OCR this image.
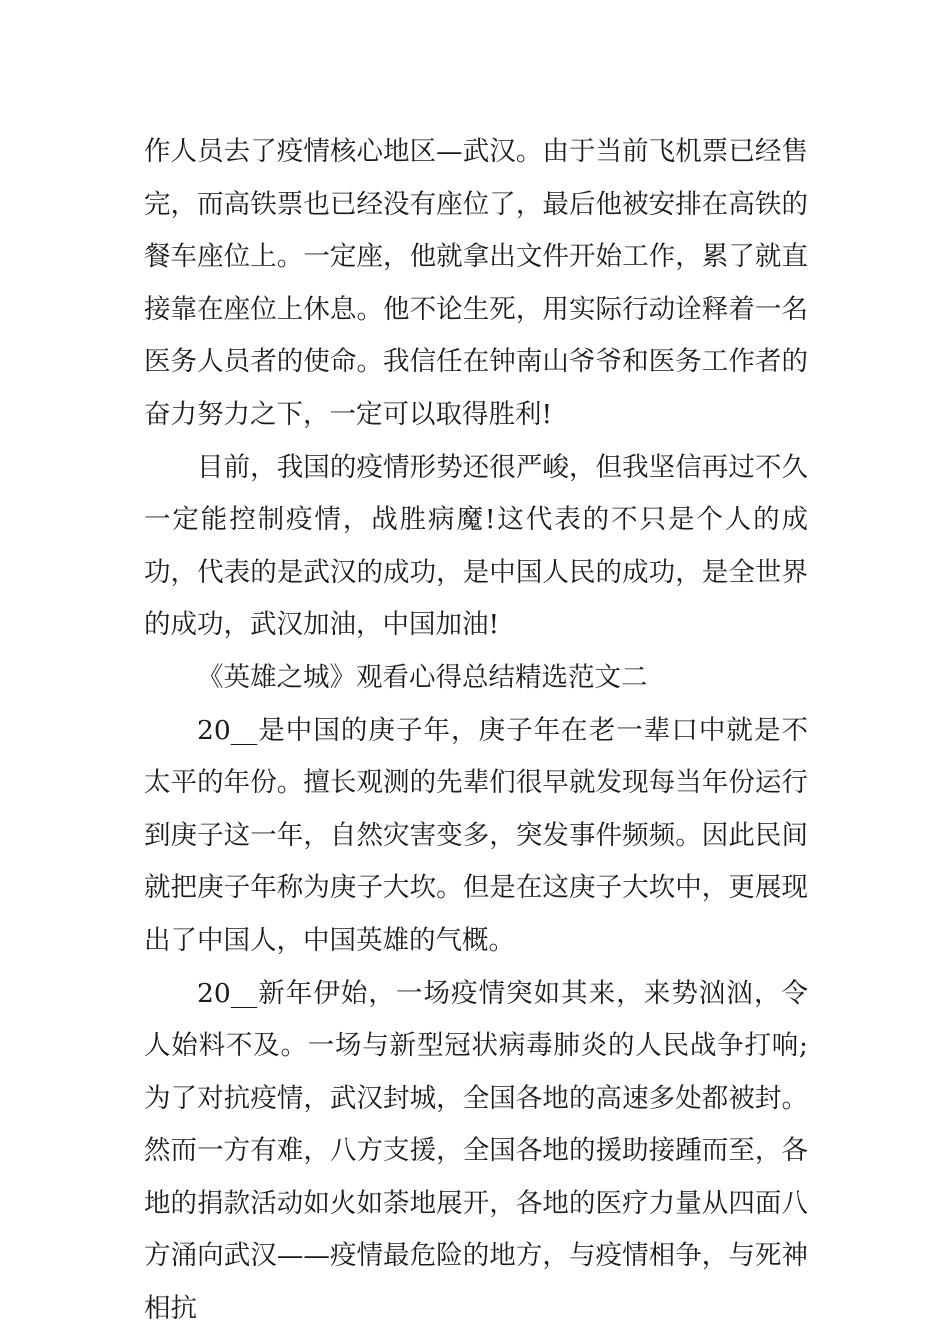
作人员去了疫情核心地区—武汉。由于当前飞机票已经售完，而高铁票也已经没有座位了，最后他被安排在高铁的餐车座位上。一定座，他就拿出文件开始工作，累了就直接靠在座位上休息。他不论生死，用实际行动诠释着一名医务人员者的使命。我信任在钟南山爷爷和医务工作者的奋力努力之下，一定可以取得胜利!

目前，我国的疫情形势还很严峻，但我坚信再过不久一定能控制疫情，战胜病魔!这代表的不只是个人的成功，代表的是武汉的成功，是中国人民的成功，是全世界的成功，武汉加油，中国加油!

《英雄之城》观看心得总结精选范文二

20__是中国的庚子年，庚子年在老一辈口中就是不太平的年份。擅长观测的先辈们很早就发现每当年份运行到庚子这一年，自然灾害变多，突发事件频频。因此民间就把庚子年称为庚子大坎。但是在这庚子大坎中，更展现出了中国人，中国英雄的气概。

20__新年伊始，一场疫情突如其来，来势汹汹，令人始料不及。一场与新型冠状病毒肺炎的人民战争打响;为了对抗疫情，武汉封城，全国各地的高速多处都被封。然而一方有难，八方支援，全国各地的援助接踵而至，各地的捐款活动如火如荼地展开，各地的医疗力量从四面八方涌向武汉——疫情最危险的地方，与疫情相争，与死神相抗
